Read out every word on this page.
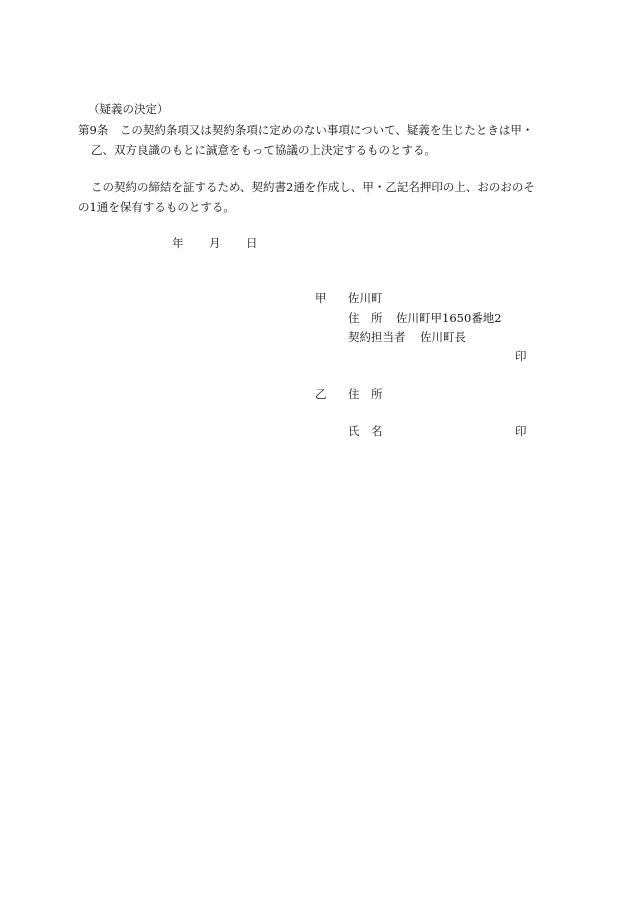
（疑義の決定）
第9条　この契約条項又は契約条項に定めのない事項について、疑義を生じたときは甲・
乙、双方良識のもとに誠意をもって協議の上決定するものとする。
この契約の締結を証するため、契約書2通を作成し、甲・乙記名押印の上、おのおのそ
の1通を保有するものとする。
年 月 日
甲 佐川町
住　所 佐川町甲1650番地2
契約担当者 佐川町長
印
乙 住　所
氏　名	印
